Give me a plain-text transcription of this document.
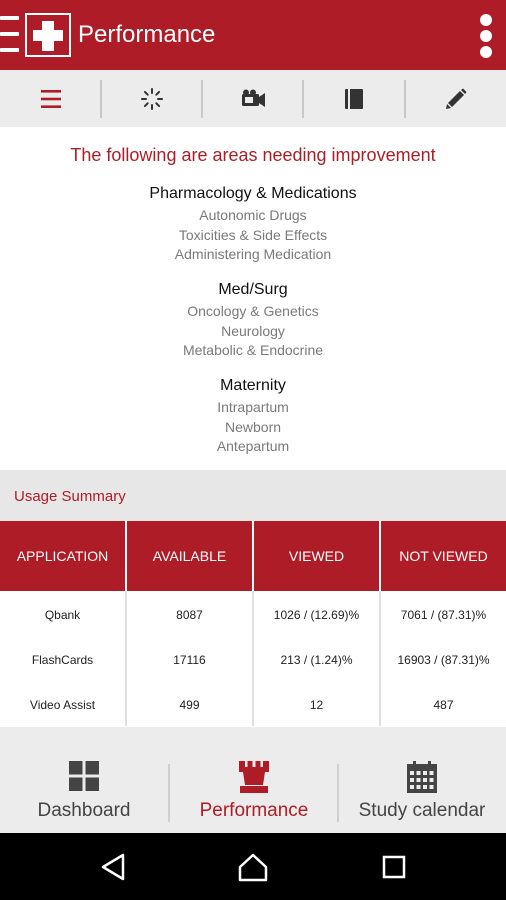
Performance
The following are areas needing improvement
Pharmacology & Medications
Autonomic Drugs
Toxicities & Side Effects
Administering Medication
Med/Surg
Oncology & Genetics
Neurology
Metabolic & Endocrine
Maternity
Intrapartum
Newborn
Antepartum
Usage Summary
APPLICATION	AVAILABLE	VIEWED	NOT VIEWED
Qbank	8087	1026 / (12.69)%	7061 / (87.31)%
FlashCards	17116	213 / (1.24)%	16903 / (87.31)%
Video Assist	499	12	487
Dashboard	Performance	Study calendar
